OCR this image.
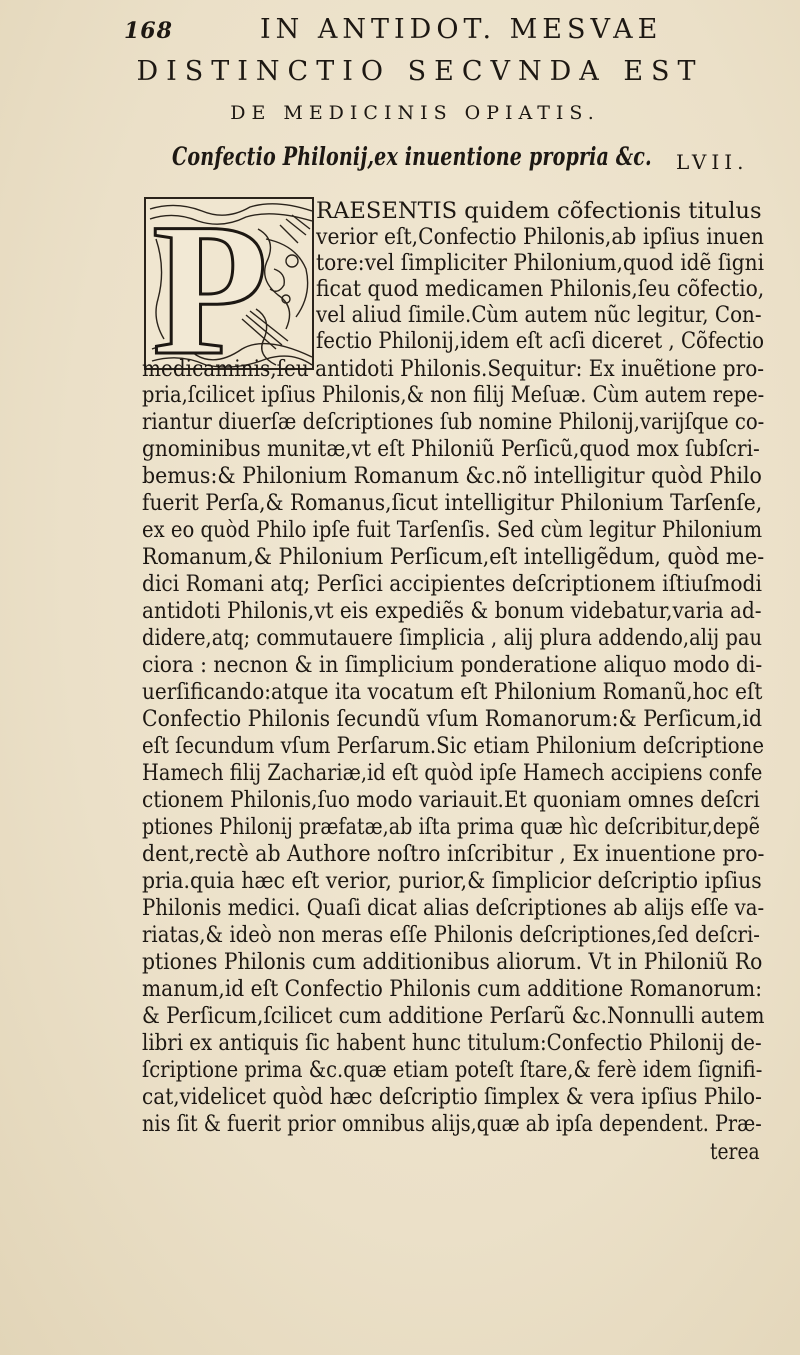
168	IN ANTIDOT. MESVAE
DISTINCTIO SECVNDA EST
DE MEDICINIS OPIATIS.
Confectio Philonij,ex inuentione propria &c. LVII.
P RAESENTIS quidem cõfectionis titulus
verior eſt,Confectio Philonis,ab ipſius inuen
tore:vel ſimpliciter Philonium,quod idẽ ſigni
ficat quod medicamen Philonis,ſeu cõfectio,
vel aliud ſimile.Cùm autem nũc legitur, Con-
fectio Philonij,idem eſt acſi diceret , Cõfectio
medicaminis,ſeu antidoti Philonis.Sequitur: Ex inuẽtione pro-
pria,ſcilicet ipſius Philonis,& non filij Meſuæ. Cùm autem repe-
riantur diuerſæ deſcriptiones ſub nomine Philonij,varijſque co-
gnominibus munitæ,vt eſt Philoniũ Perſicũ,quod mox ſubſcri-
bemus:& Philonium Romanum &c.nõ intelligitur quòd Philo
fuerit Perſa,& Romanus,ſicut intelligitur Philonium Tarſenſe,
ex eo quòd Philo ipſe fuit Tarſenſis. Sed cùm legitur Philonium
Romanum,& Philonium Perſicum,eſt intelligẽdum, quòd me-
dici Romani atq; Perſici accipientes deſcriptionem iſtiuſmodi
antidoti Philonis,vt eis expediẽs & bonum videbatur,varia ad-
didere,atq; commutauere ſimplicia , alij plura addendo,alij pau
ciora : necnon & in ſimplicium ponderatione aliquo modo di-
uerſificando:atque ita vocatum eſt Philonium Romanũ,hoc eſt
Confectio Philonis ſecundũ vſum Romanorum:& Perſicum,id
eſt ſecundum vſum Perſarum.Sic etiam Philonium deſcriptione
Hamech filij Zachariæ,id eſt quòd ipſe Hamech accipiens confe
ctionem Philonis,ſuo modo variauit.Et quoniam omnes deſcri
ptiones Philonij præfatæ,ab iſta prima quæ hìc deſcribitur,depẽ
dent,rectè ab Authore noſtro inſcribitur , Ex inuentione pro-
pria.quia hæc eſt verior, purior,& ſimplicior deſcriptio ipſius
Philonis medici. Quaſi dicat alias deſcriptiones ab alijs eſſe va-
riatas,& ideò non meras eſſe Philonis deſcriptiones,ſed deſcri-
ptiones Philonis cum additionibus aliorum. Vt in Philoniũ Ro
manum,id eſt Confectio Philonis cum additione Romanorum:
& Perſicum,ſcilicet cum additione Perſarũ &c.Nonnulli autem
libri ex antiquis ſic habent hunc titulum:Confectio Philonij de-
ſcriptione prima &c.quæ etiam poteſt ſtare,& ferè idem ſignifi-
cat,videlicet quòd hæc deſcriptio ſimplex & vera ipſius Philo-
nis ſit & fuerit prior omnibus alijs,quæ ab ipſa dependent. Præ-
terea
